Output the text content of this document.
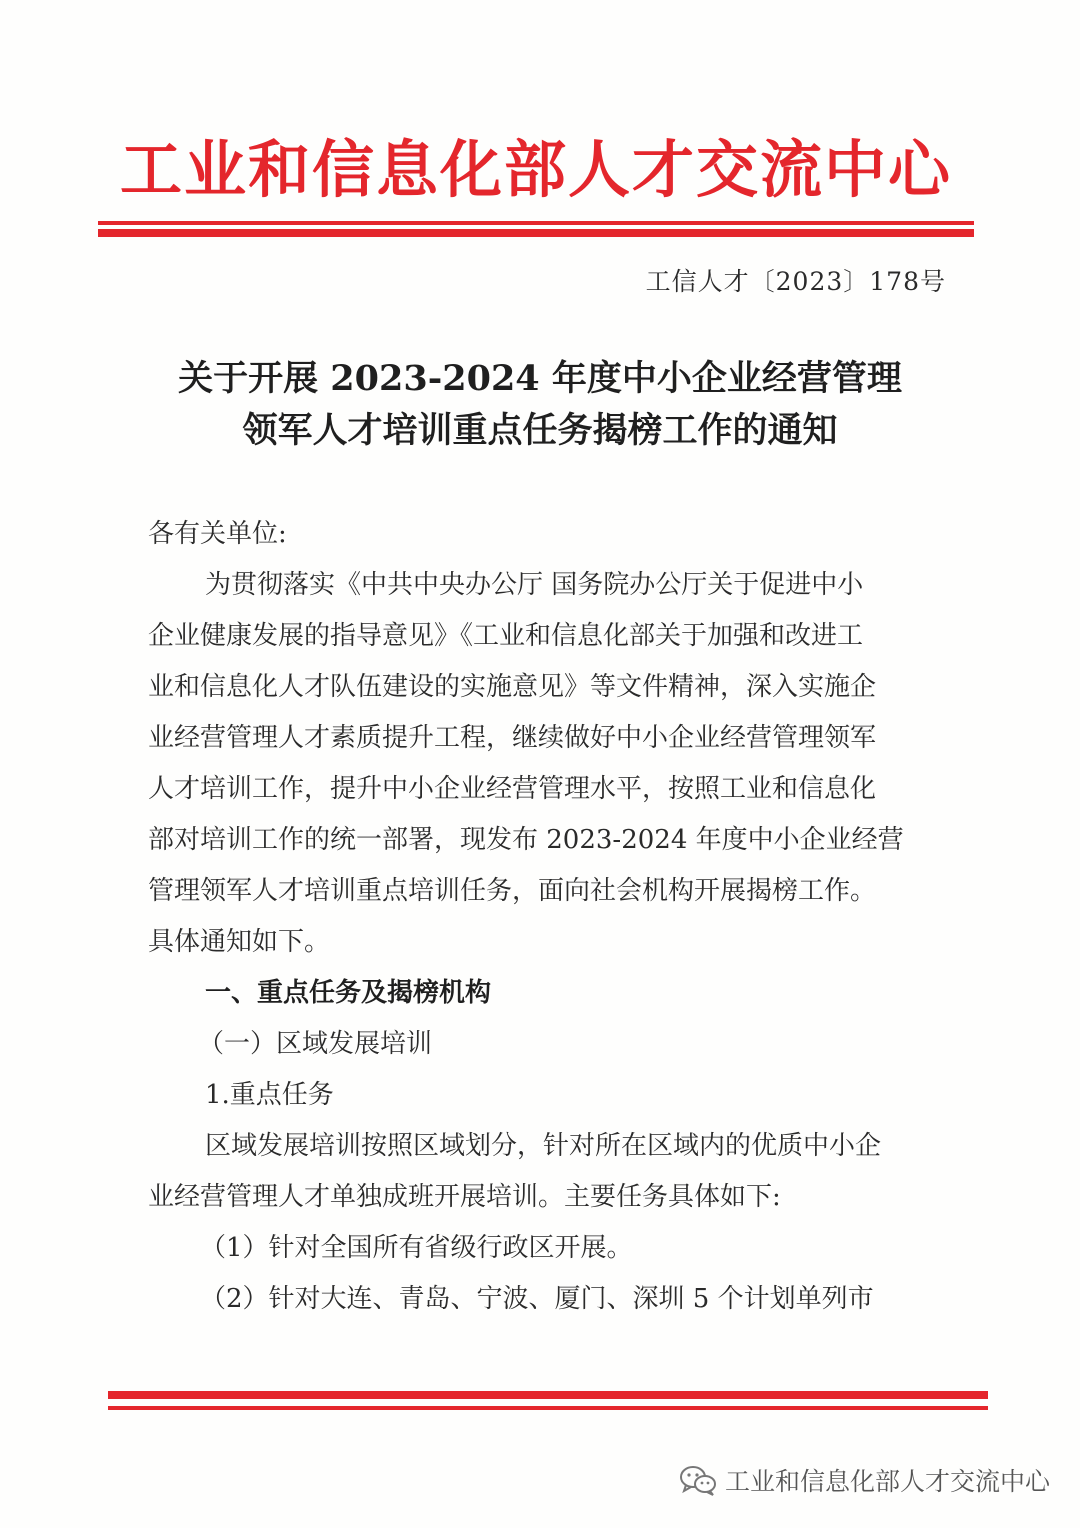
工业和信息化部人才交流中心
工信人才〔2023〕178号
关于开展 2023-2024 年度中小企业经营管理
领军人才培训重点任务揭榜工作的通知
各有关单位:
为贯彻落实《中共中央办公厅 国务院办公厅关于促进中小
企业健康发展的指导意见》《工业和信息化部关于加强和改进工
业和信息化人才队伍建设的实施意见》等文件精神，深入实施企
业经营管理人才素质提升工程，继续做好中小企业经营管理领军
人才培训工作，提升中小企业经营管理水平，按照工业和信息化
部对培训工作的统一部署，现发布 2023-2024 年度中小企业经营
管理领军人才培训重点培训任务，面向社会机构开展揭榜工作。
具体通知如下。
一、重点任务及揭榜机构
（一）区域发展培训
1.重点任务
区域发展培训按照区域划分，针对所在区域内的优质中小企
业经营管理人才单独成班开展培训。主要任务具体如下:
（1）针对全国所有省级行政区开展。
（2）针对大连、青岛、宁波、厦门、深圳 5 个计划单列市
工业和信息化部人才交流中心
